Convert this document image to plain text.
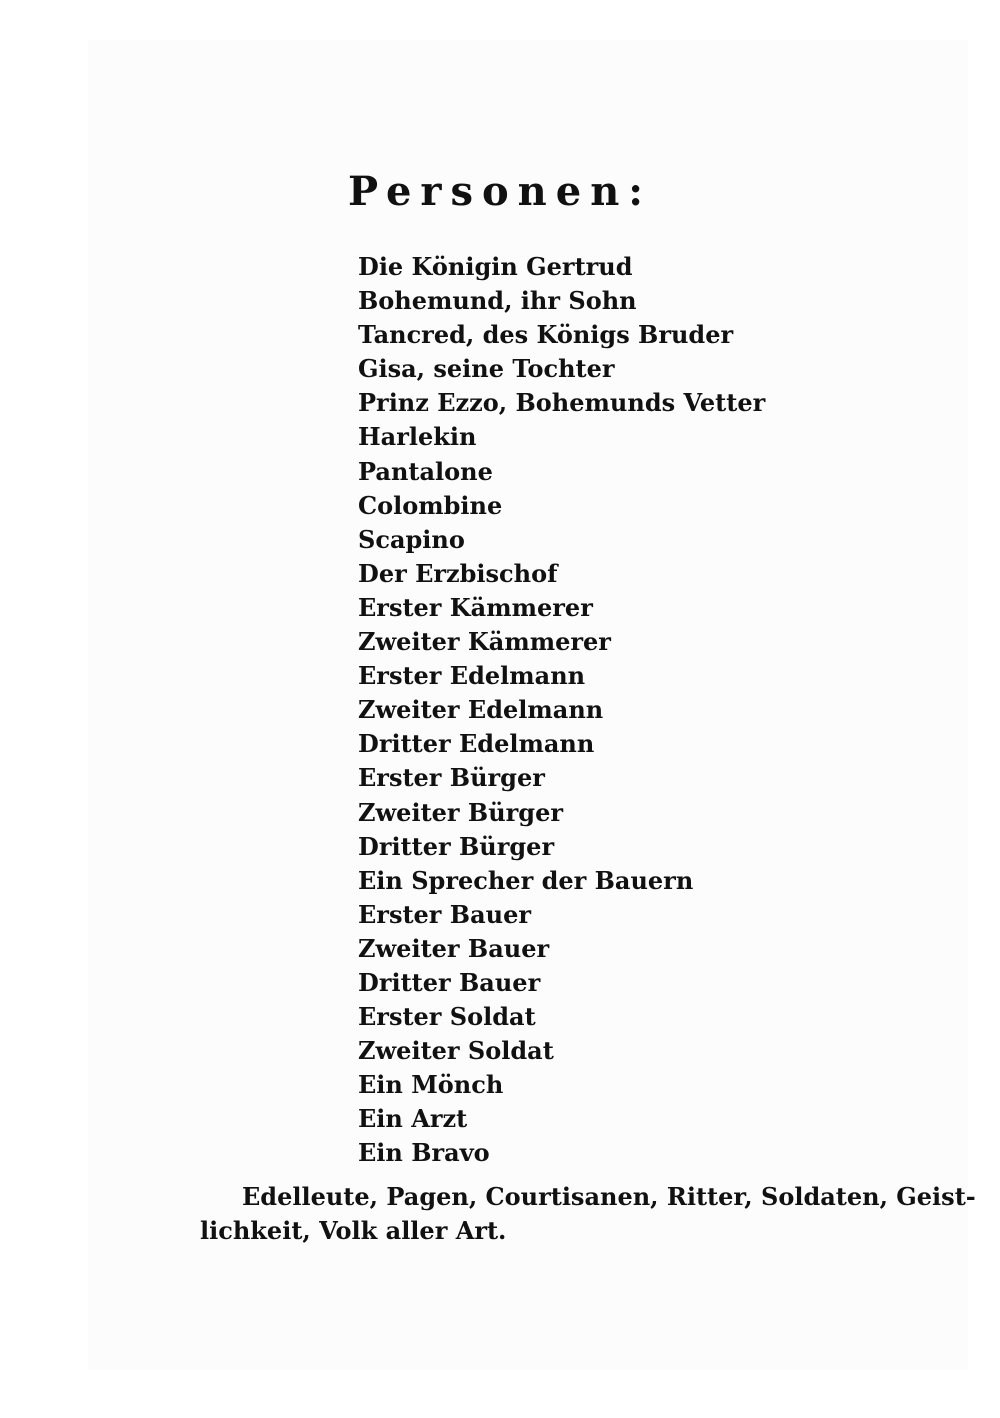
Personen:
Die Königin Gertrud
Bohemund, ihr Sohn
Tancred, des Königs Bruder
Gisa, seine Tochter
Prinz Ezzo, Bohemunds Vetter
Harlekin
Pantalone
Colombine
Scapino
Der Erzbischof
Erster Kämmerer
Zweiter Kämmerer
Erster Edelmann
Zweiter Edelmann
Dritter Edelmann
Erster Bürger
Zweiter Bürger
Dritter Bürger
Ein Sprecher der Bauern
Erster Bauer
Zweiter Bauer
Dritter Bauer
Erster Soldat
Zweiter Soldat
Ein Mönch
Ein Arzt
Ein Bravo

Edelleute, Pagen, Courtisanen, Ritter, Soldaten, Geist-
lichkeit, Volk aller Art.
